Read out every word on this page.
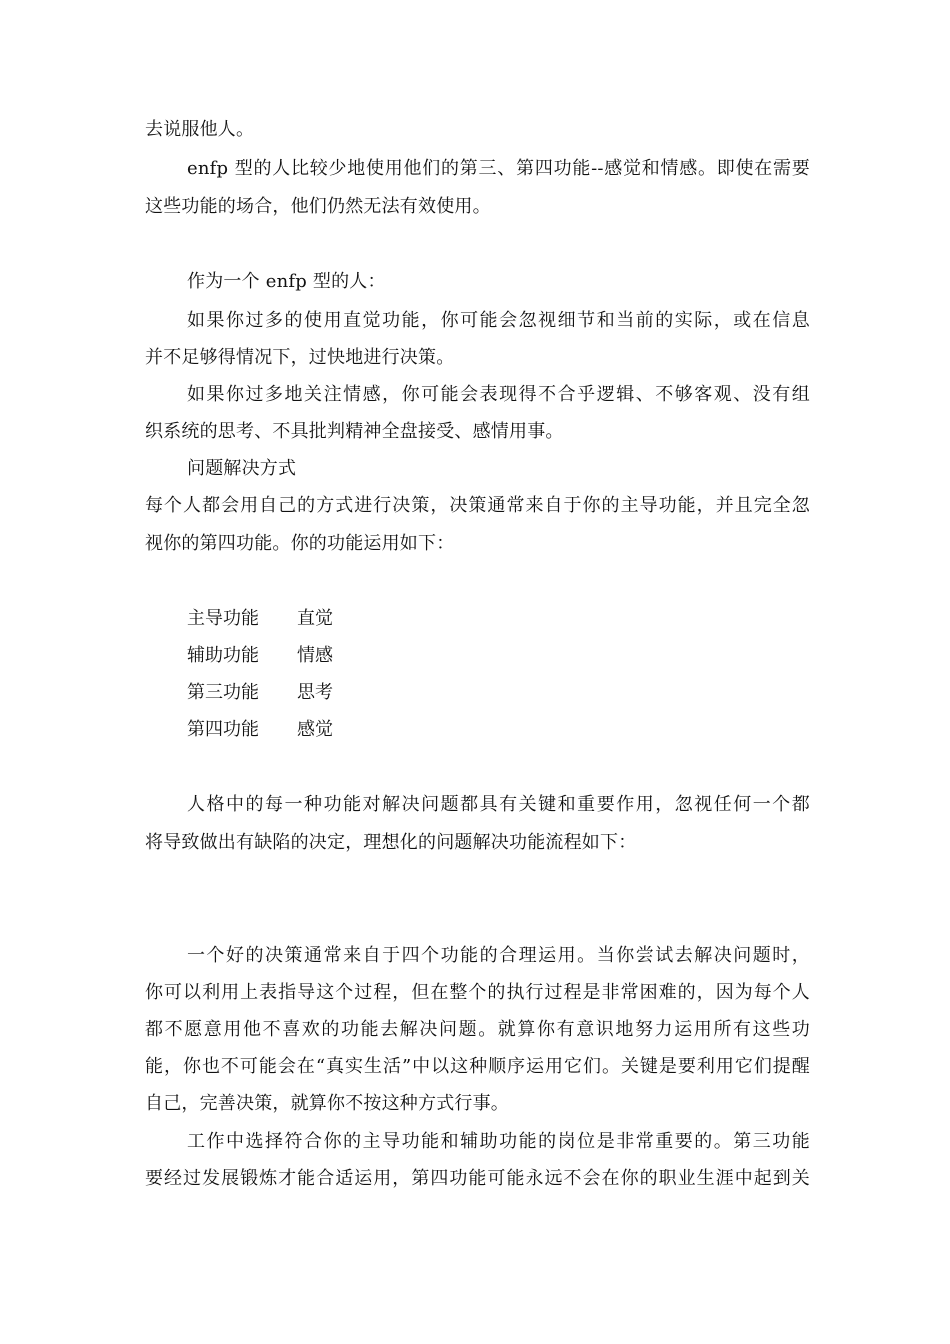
去说服他人。
enfp 型的人比较少地使用他们的第三、第四功能--感觉和情感。即使在需要
这些功能的场合，他们仍然无法有效使用。
作为一个 enfp 型的人：
如果你过多的使用直觉功能，你可能会忽视细节和当前的实际，或在信息
并不足够得情况下，过快地进行决策。
如果你过多地关注情感，你可能会表现得不合乎逻辑、不够客观、没有组
织系统的思考、不具批判精神全盘接受、感情用事。
问题解决方式
每个人都会用自己的方式进行决策，决策通常来自于你的主导功能，并且完全忽
视你的第四功能。你的功能运用如下：
主导功能 直觉
辅助功能 情感
第三功能 思考
第四功能 感觉
人格中的每一种功能对解决问题都具有关键和重要作用，忽视任何一个都
将导致做出有缺陷的决定，理想化的问题解决功能流程如下：
一个好的决策通常来自于四个功能的合理运用。当你尝试去解决问题时，
你可以利用上表指导这个过程，但在整个的执行过程是非常困难的，因为每个人
都不愿意用他不喜欢的功能去解决问题。就算你有意识地努力运用所有这些功
能，你也不可能会在“真实生活”中以这种顺序运用它们。关键是要利用它们提醒
自己，完善决策，就算你不按这种方式行事。
工作中选择符合你的主导功能和辅助功能的岗位是非常重要的。第三功能
要经过发展锻炼才能合适运用，第四功能可能永远不会在你的职业生涯中起到关
